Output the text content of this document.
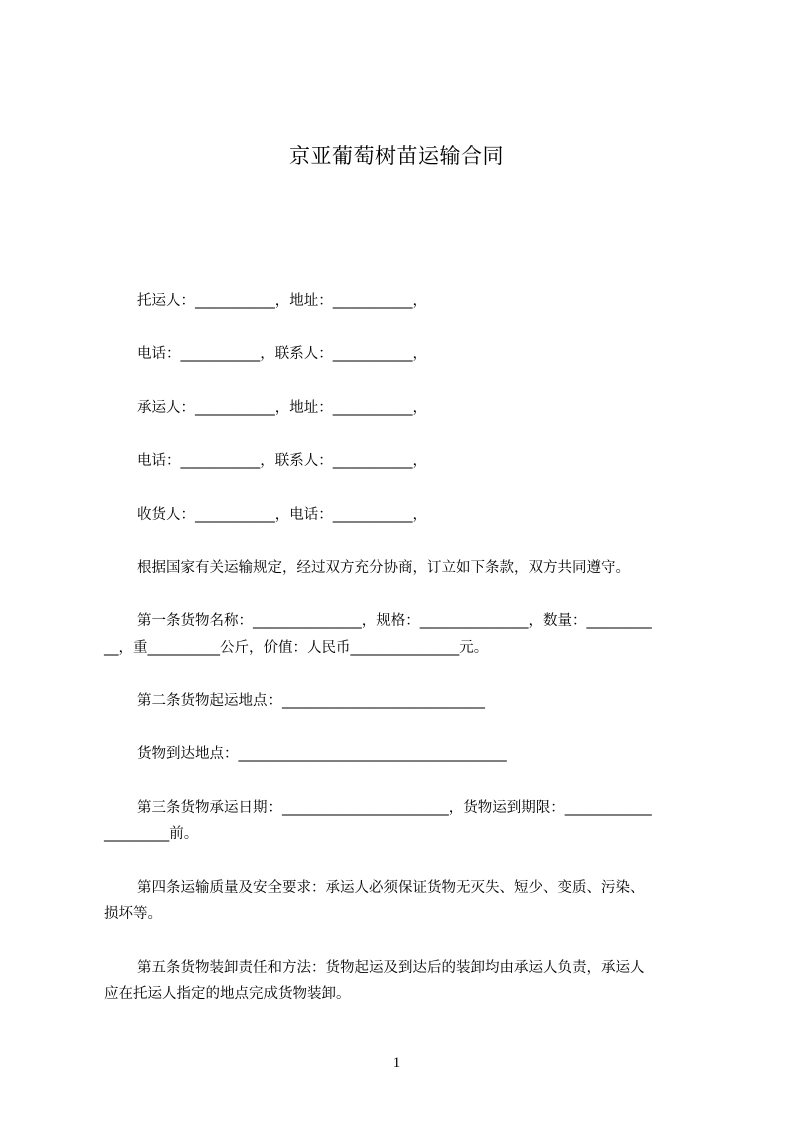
京亚葡萄树苗运输合同
托运人：___________，地址：___________，
电话：___________，联系人：___________，
承运人：___________，地址：___________，
电话：___________，联系人：___________，
收货人：___________，电话：___________，
根据国家有关运输规定，经过双方充分协商，订立如下条款，双方共同遵守。
第一条货物名称：_______________，规格：_______________，数量：_________
__，重__________公斤，价值：人民币_______________元。
第二条货物起运地点：____________________________
货物到达地点：_____________________________________
第三条货物承运日期：_______________________，货物运到期限：____________
_________前。
第四条运输质量及安全要求：承运人必须保证货物无灭失、短少、变质、污染、
损坏等。
第五条货物装卸责任和方法：货物起运及到达后的装卸均由承运人负责，承运人
应在托运人指定的地点完成货物装卸。
1
